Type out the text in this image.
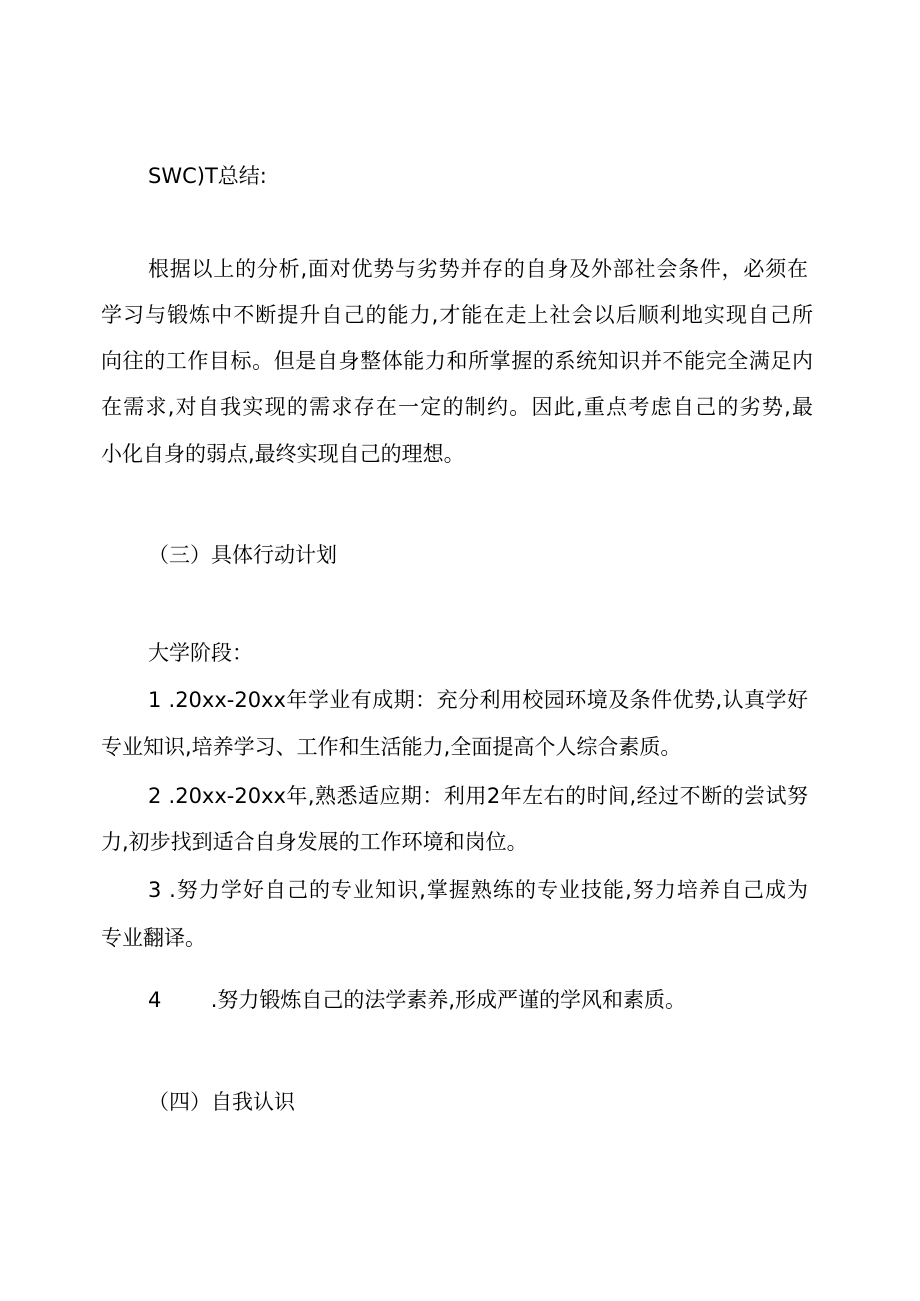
SWC)T总结:
根据以上的分析,面对优势与劣势并存的自身及外部社会条件，必须在
学习与锻炼中不断提升自己的能力,才能在走上社会以后顺利地实现自己所
向往的工作目标。但是自身整体能力和所掌握的系统知识并不能完全满足内
在需求,对自我实现的需求存在一定的制约。因此,重点考虑自己的劣势,最
小化自身的弱点,最终实现自己的理想。
（三）具体行动计划
大学阶段：
1 .20xx-20xx年学业有成期：充分利用校园环境及条件优势,认真学好
专业知识,培养学习、工作和生活能力,全面提高个人综合素质。
2 .20xx-20xx年,熟悉适应期：利用2年左右的时间,经过不断的尝试努
力,初步找到适合自身发展的工作环境和岗位。
3 .努力学好自己的专业知识,掌握熟练的专业技能,努力培养自己成为
专业翻译。
4 .努力锻炼自己的法学素养,形成严谨的学风和素质。
（四）自我认识
